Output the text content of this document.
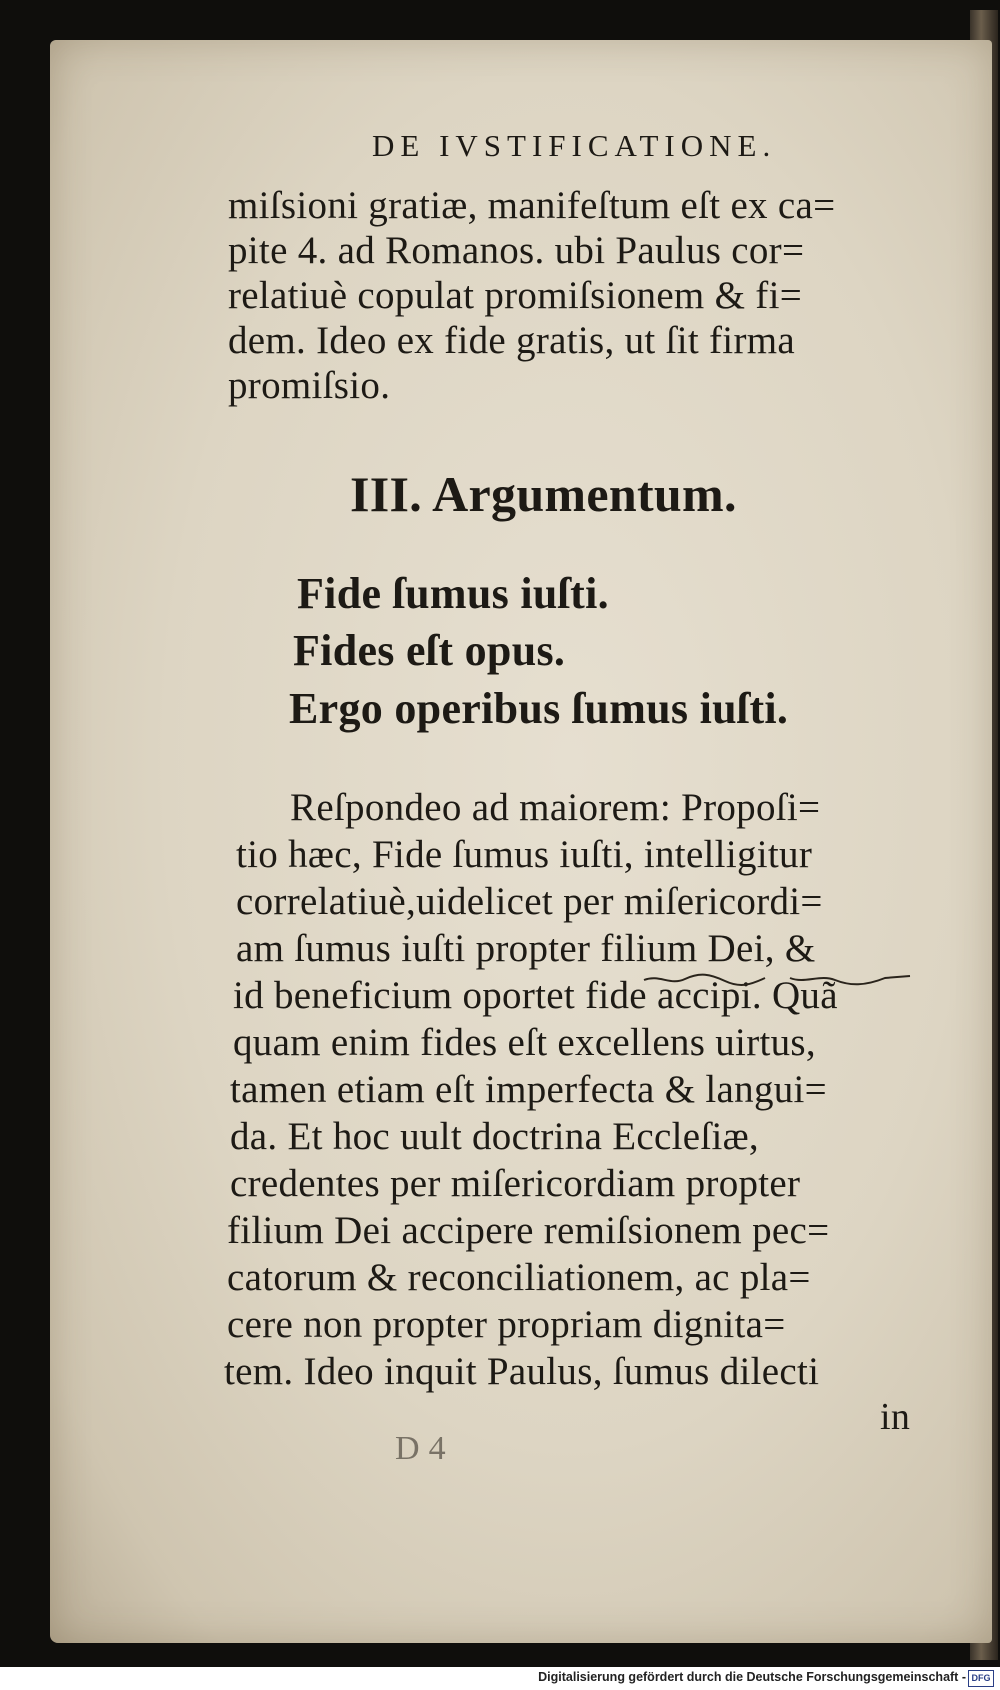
DE IVSTIFICATIONE.
miſsioni gratiæ, manifeſtum eſt ex ca=
pite 4. ad Romanos. ubi Paulus cor=
relatiuè copulat promiſsionem & fi=
dem. Ideo ex fide gratis, ut ſit firma
promiſsio.
III. Argumentum.
Fide ſumus iuſti.
Fides eſt opus.
Ergo operibus ſumus iuſti.
Reſpondeo ad maiorem: Propoſi=
tio hæc, Fide ſumus iuſti, intelligitur
correlatiuè,uidelicet per miſericordi=
am ſumus iuſti propter filium Dei, &
id beneficium oportet fide accipi. Quã
quam enim fides eſt excellens uirtus,
tamen etiam eſt imperfecta & langui=
da. Et hoc uult doctrina Eccleſiæ,
credentes per miſericordiam propter
filium Dei accipere remiſsionem pec=
catorum & reconciliationem, ac pla=
cere non propter propriam dignita=
tem. Ideo inquit Paulus, ſumus dilecti
in
D 4
Digitalisierung gefördert durch die Deutsche Forschungsgemeinschaft - DFG
